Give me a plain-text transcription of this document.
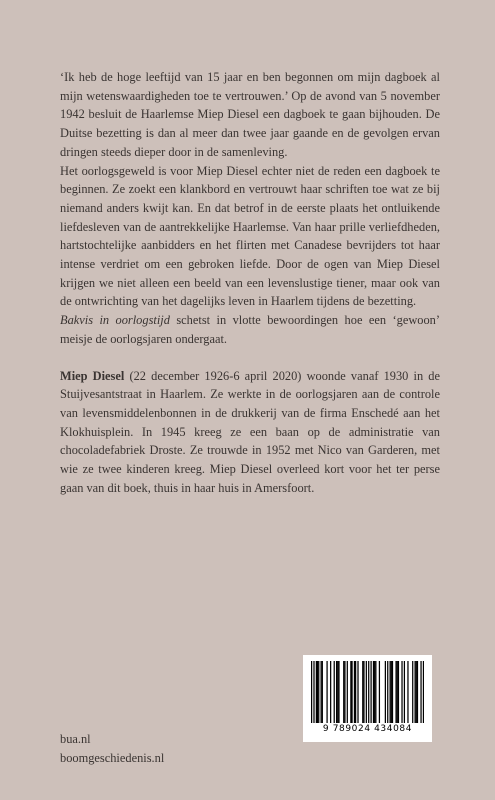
‘Ik heb de hoge leeftijd van 15 jaar en ben begonnen om mijn dagboek al mijn wetenswaardigheden toe te vertrouwen.’ Op de avond van 5 november 1942 besluit de Haarlemse Miep Diesel een dagboek te gaan bijhouden. De Duitse bezetting is dan al meer dan twee jaar gaande en de gevolgen ervan dringen steeds dieper door in de samenleving.

Het oorlogsgeweld is voor Miep Diesel echter niet de reden een dagboek te beginnen. Ze zoekt een klankbord en vertrouwt haar schriften toe wat ze bij niemand anders kwijt kan. En dat betrof in de eerste plaats het ontluikende liefdesleven van de aantrekkelijke Haarlemse. Van haar prille verliefdheden, hartstochtelijke aanbidders en het flirten met Canadese bevrijders tot haar intense verdriet om een gebroken liefde. Door de ogen van Miep Diesel krijgen we niet alleen een beeld van een levenslustige tiener, maar ook van de ontwrichting van het dagelijks leven in Haarlem tijdens de bezetting.

Bakvis in oorlogstijd schetst in vlotte bewoordingen hoe een ‘gewoon’ meisje de oorlogsjaren ondergaat.

Miep Diesel (22 december 1926-6 april 2020) woonde vanaf 1930 in de Stuijvesantstraat in Haarlem. Ze werkte in de oorlogsjaren aan de controle van levensmiddelenbonnen in de drukkerij van de firma Enschedé aan het Klokhuisplein. In 1945 kreeg ze een baan op de administratie van chocoladefabriek Droste. Ze trouwde in 1952 met Nico van Garderen, met wie ze twee kinderen kreeg. Miep Diesel overleed kort voor het ter perse gaan van dit boek, thuis in haar huis in Amersfoort.

bua.nl
boomgeschiedenis.nl
9 789024 434084
